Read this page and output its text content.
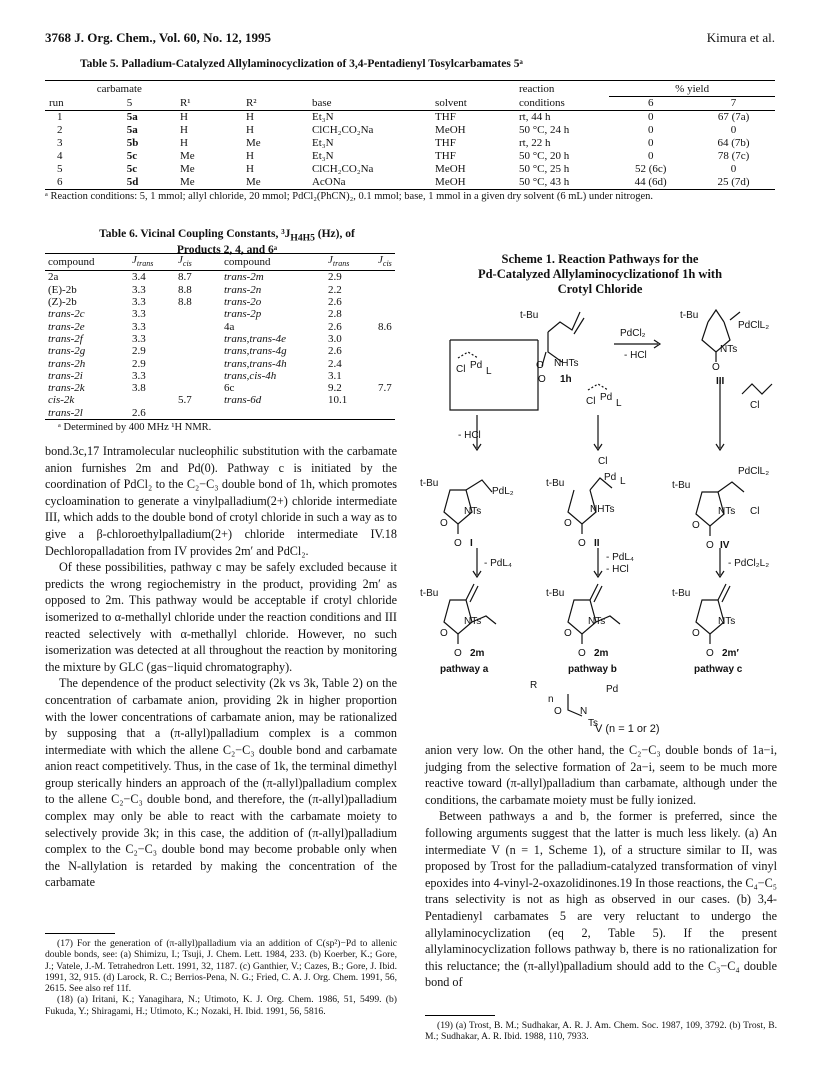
3768 J. Org. Chem., Vol. 60, No. 12, 1995	Kimura et al.
Table 5. Palladium-Catalyzed Allylaminocyclization of 3,4-Pentadienyl Tosylcarbamates 5ᵃ
	carbamate					reaction	% yield	
run	5	R¹	R²	base	solvent	conditions	6	7
1	5a	H	H	Et₃N	THF	rt, 44 h	0	67 (7a)
2	5a	H	H	ClCH₂CO₂Na	MeOH	50 °C, 24 h	0	0
3	5b	H	Me	Et₃N	THF	rt, 22 h	0	64 (7b)
4	5c	Me	H	Et₃N	THF	50 °C, 20 h	0	78 (7c)
5	5c	Me	H	ClCH₂CO₂Na	MeOH	50 °C, 25 h	52 (6c)	0
6	5d	Me	Me	AcONa	MeOH	50 °C, 43 h	44 (6d)	25 (7d)
ᵃ Reaction conditions: 5, 1 mmol; allyl chloride, 20 mmol; PdCl₂(PhCN)₂, 0.1 mmol; base, 1 mmol in a given dry solvent (6 mL) under nitrogen.
Table 6. Vicinal Coupling Constants, $^3J_{H4H5}$ (Hz), of
Products 2, 4, and 6ᵃ
compound	$J_{trans}$	$J_{cis}$	compound	$J_{trans}$	$J_{cis}$
2a	3.4	8.7	trans-2m	2.9	
(E)-2b	3.3	8.8	trans-2n	2.2	
(Z)-2b	3.3	8.8	trans-2o	2.6	
trans-2c	3.3		trans-2p	2.8	
trans-2e	3.3		4a	2.6	8.6
trans-2f	3.3		trans,trans-4e	3.0	
trans-2g	2.9		trans,trans-4g	2.6	
trans-2h	2.9		trans,trans-4h	2.4	
trans-2i	3.3		trans,cis-4h	3.1	
trans-2k	3.8		6c	9.2	7.7
cis-2k		5.7	trans-6d	10.1	
trans-2l	2.6				
ᵃ Determined by 400 MHz ¹H NMR.

bond.3c,17 Intramolecular nucleophilic substitution with the carbamate anion furnishes 2m and Pd(0). Pathway c is initiated by the coordination of PdCl₂ to the C₂−C₃ double bond of 1h, which promotes cycloamination to generate a vinylpalladium(2+) chloride intermediate III, which adds to the double bond of crotyl chloride in such a way as to give a β-chloroethylpalladium(2+) chloride intermediate IV.18 Dechloropalladation from IV provides 2m′ and PdCl₂.

Of these possibilities, pathway c may be safely excluded because it predicts the wrong regiochemistry in the product, providing 2m′ as opposed to 2m. This pathway would be acceptable if crotyl chloride isomerized to α-methallyl chloride under the reaction conditions and III reacted selectively with α-methallyl chloride. However, no such isomerization was detected at all throughout the reaction by monitoring the mixture by GLC (gas−liquid chromatography).

The dependence of the product selectivity (2k vs 3k, Table 2) on the concentration of carbamate anion, providing 2k in higher proportion with the lower concentrations of carbamate anion, may be rationalized by supposing that a (π-allyl)palladium complex is a common intermediate with which the allene C₂−C₃ double bond and carbamate anion react competitively. Thus, in the case of 1k, the terminal dimethyl group sterically hinders an approach of the (π-allyl)palladium complex to the allene C₂−C₃ double bond, and therefore, the (π-allyl)palladium complex may only be able to react with the carbamate moiety to selectively provide 3k; in this case, the addition of (π-allyl)palladium complex to the C₂−C₃ double bond may become probable only when the N-allylation is retarded by making the concentration of the carbamate

(17) For the generation of (π-allyl)palladium via an addition of C(sp²)−Pd to allenic double bonds, see: (a) Shimizu, I.; Tsuji, J. Chem. Lett. 1984, 233. (b) Koerber, K.; Gore, J.; Vatele, J.-M. Tetrahedron Lett. 1991, 32, 1187. (c) Ganthier, V.; Cazes, B.; Gore, J. Ibid. 1991, 32, 915. (d) Larock, R. C.; Berrios-Pena, N. G.; Fried, C. A. J. Org. Chem. 1991, 56, 2615. See also ref 11f.
(18) (a) Iritani, K.; Yanagihara, N.; Utimoto, K. J. Org. Chem. 1986, 51, 5499. (b) Fukuda, Y.; Shiragami, H.; Utimoto, K.; Nozaki, H. Ibid. 1991, 56, 5816.
Scheme 1. Reaction Pathways for the
Pd-Catalyzed Allylaminocyclizationof 1h with
Crotyl Chloride
t-Bu
PdCl₂
- HCl
t-Bu
PdClL₂
NHTs
NTs
O
O
O
1h	III
Cl Pd
L
- HCl
Cl Pd
L	Cl
t-Bu
PdL₂
NTs
O
O I
t-Bu
Cl
Pd L
NHTs
O
O II
t-Bu
PdClL₂
NTs Cl
O
O IV
- PdL₄
- PdL₄
- HCl
- PdCl₂L₂
t-Bu
NTs
O
O 2m
pathway a
t-Bu
NTs
O
O 2m
pathway b
t-Bu
NTs
O
O 2m′
pathway c
R
n
Pd
O N
Ts
V (n = 1 or 2)

anion very low. On the other hand, the C₂−C₃ double bonds of 1a−i, judging from the selective formation of 2a−i, seem to be much more reactive toward (π-allyl)palladium than carbamate, although under the conditions, the carbamate moiety must be fully ionized.

Between pathways a and b, the former is preferred, since the following arguments suggest that the latter is much less likely. (a) An intermediate V (n = 1, Scheme 1), of a structure similar to II, was proposed by Trost for the palladium-catalyzed transformation of vinyl epoxides into 4-vinyl-2-oxazolidinones.19 In those reactions, the C₄−C₅ trans selectivity is not as high as observed in our cases. (b) 3,4-Pentadienyl carbamates 5 are very reluctant to undergo the allylaminocyclization (eq 2, Table 5). If the present allylaminocyclization follows pathway b, there is no rationalization for this reluctance; the (π-allyl)palladium should add to the C₃−C₄ double bond of

(19) (a) Trost, B. M.; Sudhakar, A. R. J. Am. Chem. Soc. 1987, 109, 3792. (b) Trost, B. M.; Sudhakar, A. R. Ibid. 1988, 110, 7933.
